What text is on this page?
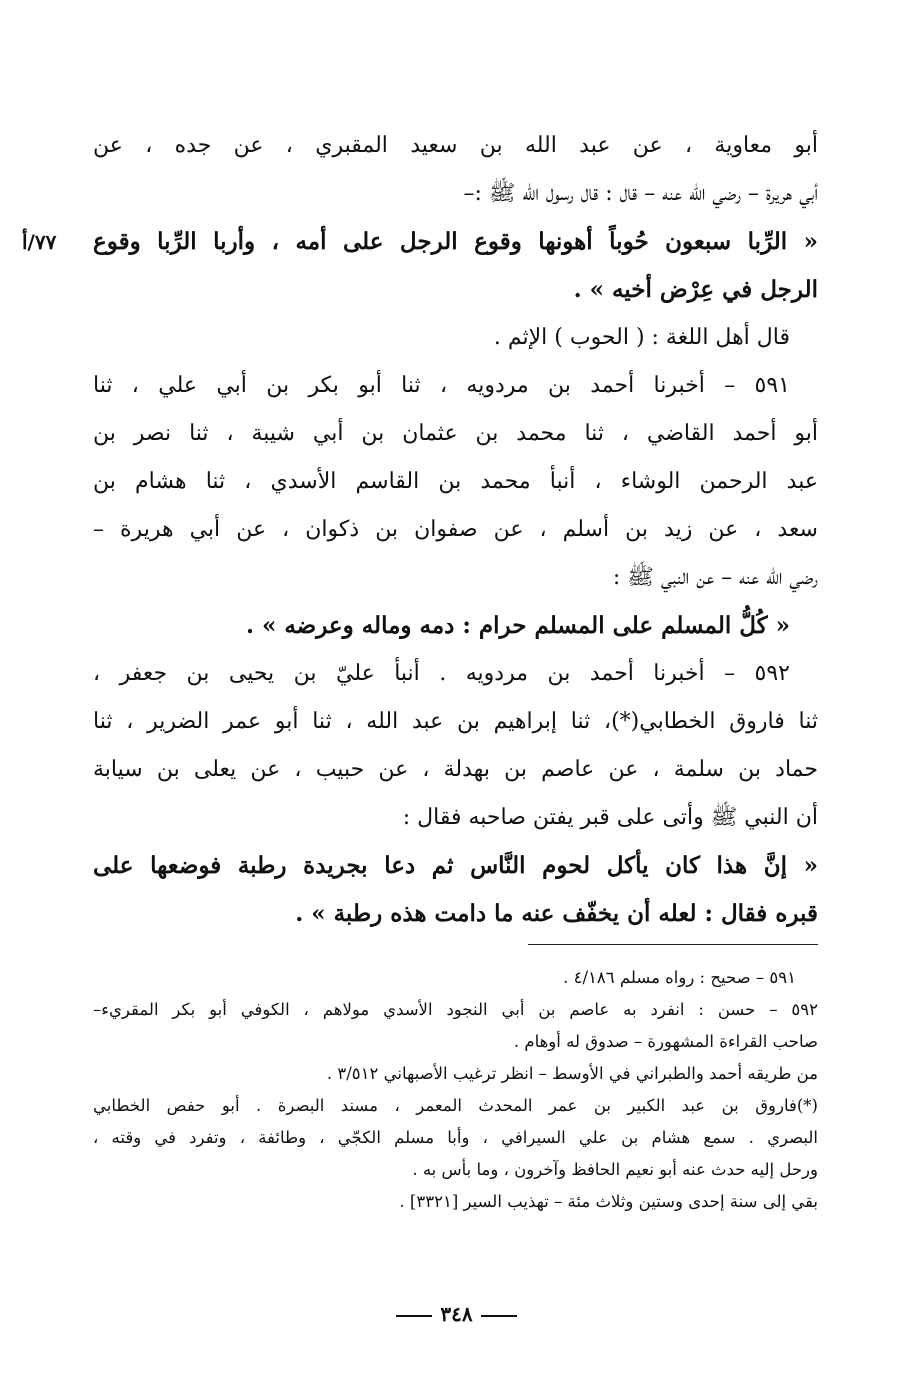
أبو معاوية ، عن عبد الله بن سعيد المقبري ، عن جده ، عن
أبي هريرة – رضي الله عنه – قال : قال رسول الله ﷺ :–
« الرِّبا سبعون حُوباً أهونها وقوع الرجل على أمه ، وأربا الرِّبا وقوع
الرجل في عِرْض أخيه » .
قال أهل اللغة : ( الحوب ) الإثم .
٥٩١ – أخبرنا أحمد بن مردويه ، ثنا أبو بكر بن أبي علي ، ثنا
أبو أحمد القاضي ، ثنا محمد بن عثمان بن أبي شيبة ، ثنا نصر بن
عبد الرحمن الوشاء ، أنبأ محمد بن القاسم الأسدي ، ثنا هشام بن
سعد ، عن زيد بن أسلم ، عن صفوان بن ذكوان ، عن أبي هريرة –
رضي الله عنه – عن النبي ﷺ :
« كُلُّ المسلم على المسلم حرام : دمه وماله وعرضه » .
٥٩٢ – أخبرنا أحمد بن مردويه . أنبأ عليّ بن يحيى بن جعفر ،
ثنا فاروق الخطابي(*)، ثنا إبراهيم بن عبد الله ، ثنا أبو عمر الضرير ، ثنا
حماد بن سلمة ، عن عاصم بن بهدلة ، عن حبيب ، عن يعلى بن سيابة
أن النبي ﷺ وأتى على قبر يفتن صاحبه فقال :
« إنَّ هذا كان يأكل لحوم النَّاس ثم دعا بجريدة رطبة فوضعها على
قبره فقال : لعله أن يخفّف عنه ما دامت هذه رطبة » .
٧٧/أ
٥٩١ – صحيح : رواه مسلم ٤/١٨٦ .
٥٩٢ – حسن : انفرد به عاصم بن أبي النجود الأسدي مولاهم ، الكوفي أبو بكر المقريء–
صاحب القراءة المشهورة – صدوق له أوهام .
من طريقه أحمد والطبراني في الأوسط – انظر ترغيب الأصبهاني ٣/٥١٢ .
(*)فاروق بن عبد الكبير بن عمر المحدث المعمر ، مسند البصرة . أبو حفص الخطابي
البصري . سمع هشام بن علي السيرافي ، وأبا مسلم الكجّي ، وطائفة ، وتفرد في وقته ،
ورحل إليه حدث عنه أبو نعيم الحافظ وآخرون ، وما بأس به .
بقي إلى سنة إحدى وستين وثلاث مئة – تهذيب السير [٣٣٢١] .
٣٤٨
